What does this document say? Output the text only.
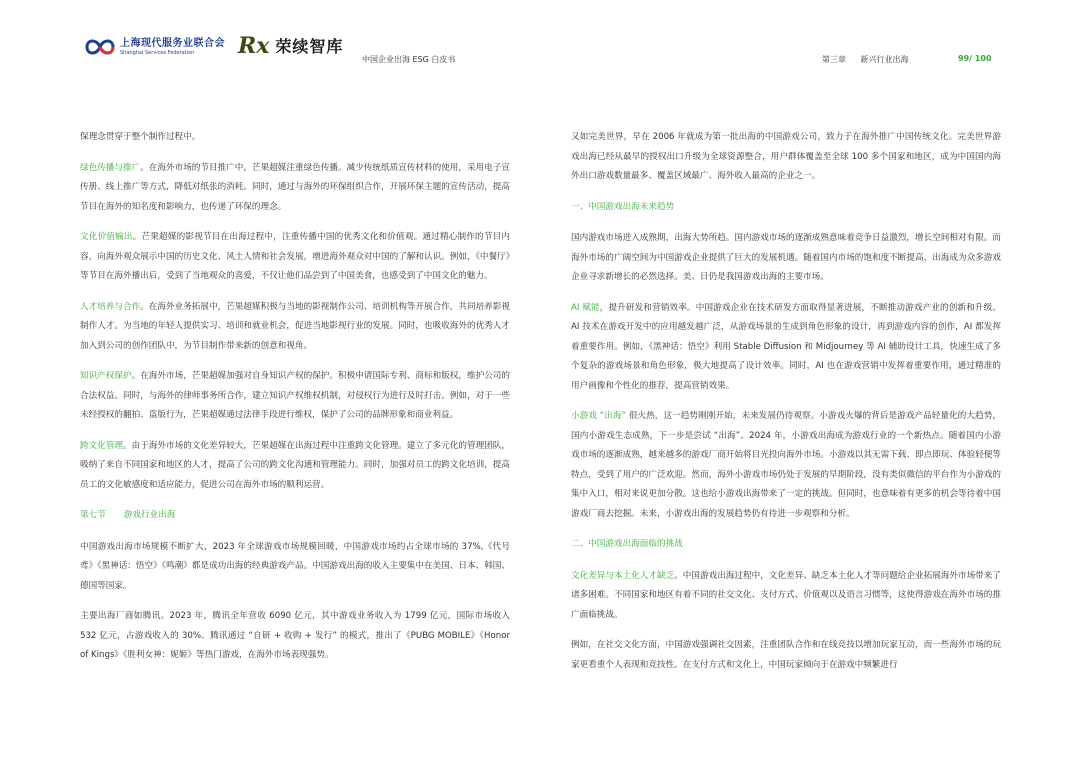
上海现代服务业联合会
Shanghai Services Federation	Rx 荣续智库
中国企业出海 ESG 白皮书	第三章 新兴行业出海	99/ 100

保理念贯穿于整个制作过程中。

绿色传播与推广。在海外市场的节目推广中，芒果超媒注重绿色传播。减少传统纸质宣传材料的使用，采用电子宣传册、线上推广等方式，降低对纸张的消耗。同时，通过与海外的环保组织合作，开展环保主题的宣传活动，提高节目在海外的知名度和影响力，也传递了环保的理念。

文化价值输出。芒果超媒的影视节目在出海过程中，注重传播中国的优秀文化和价值观。通过精心制作的节目内容，向海外观众展示中国的历史文化、风土人情和社会发展，增进海外观众对中国的了解和认识。例如，《中餐厅》等节目在海外播出后，受到了当地观众的喜爱，不仅让他们品尝到了中国美食，也感受到了中国文化的魅力。

人才培养与合作。在海外业务拓展中，芒果超媒积极与当地的影视制作公司、培训机构等开展合作，共同培养影视制作人才。为当地的年轻人提供实习、培训和就业机会，促进当地影视行业的发展。同时，也吸收海外的优秀人才加入到公司的创作团队中，为节目制作带来新的创意和视角。

知识产权保护。在海外市场，芒果超媒加强对自身知识产权的保护。积极申请国际专利、商标和版权，维护公司的合法权益。同时，与海外的律师事务所合作，建立知识产权维权机制，对侵权行为进行及时打击。例如，对于一些未经授权的翻拍、盗版行为，芒果超媒通过法律手段进行维权，保护了公司的品牌形象和商业利益。

跨文化管理。由于海外市场的文化差异较大，芒果超媒在出海过程中注重跨文化管理。建立了多元化的管理团队，吸纳了来自不同国家和地区的人才，提高了公司的跨文化沟通和管理能力。同时，加强对员工的跨文化培训，提高员工的文化敏感度和适应能力，促进公司在海外市场的顺利运营。

第七节 游戏行业出海

中国游戏出海市场规模不断扩大，2023 年全球游戏市场规模回暖，中国游戏市场约占全球市场的 37%,《代号鸢》《黑神话：悟空》《鸣潮》都是成功出海的经典游戏产品。中国游戏出海的收入主要集中在美国、日本、韩国、德国等国家。

主要出海厂商如腾讯。2023 年，腾讯全年营收 6090 亿元，其中游戏业务收入为 1799 亿元，国际市场收入 532 亿元，占游戏收入的 30%。腾讯通过 “自研 + 收购 + 发行” 的模式，推出了《PUBG MOBILE》《Honor of Kings》《胜利女神：妮姬》等热门游戏，在海外市场表现强势。

又如完美世界，早在 2006 年就成为第一批出海的中国游戏公司，致力于在海外推广中国传统文化。完美世界游戏出海已经从最早的授权出口升级为全球资源整合，用户群体覆盖至全球 100 多个国家和地区，成为中国国内海外出口游戏数量最多、覆盖区域最广、海外收入最高的企业之一。

一、中国游戏出海未来趋势

国内游戏市场进入成熟期，出海大势所趋。国内游戏市场的逐渐成熟意味着竞争日益激烈，增长空间相对有限。而海外市场的广阔空间为中国游戏企业提供了巨大的发展机遇。随着国内市场的饱和度不断提高，出海成为众多游戏企业寻求新增长的必然选择。美、日仍是我国游戏出海的主要市场。

AI 赋能，提升研发和营销效率。中国游戏企业在技术研发方面取得显著进展，不断推动游戏产业的创新和升级。AI 技术在游戏开发中的应用越发越广泛，从游戏场景的生成到角色形象的设计，再到游戏内容的创作，AI 都发挥着重要作用。例如，《黑神话：悟空》利用 Stable Diffusion 和 Midjourney 等 AI 辅助设计工具，快速生成了多个复杂的游戏场景和角色形象，极大地提高了设计效率。同时，AI 也在游戏营销中发挥着重要作用，通过精准的用户画像和个性化的推荐，提高营销效果。

小游戏 “出海” 很火热，这一趋势刚刚开始，未来发展仍待观察。小游戏火爆的背后是游戏产品轻量化的大趋势，国内小游戏生态成熟，下一步是尝试 “出海”。2024 年，小游戏出海成为游戏行业的一个新热点。随着国内小游戏市场的逐渐成熟，越来越多的游戏厂商开始将目光投向海外市场。小游戏以其无需下载、即点即玩、体验轻便等特点，受到了用户的广泛欢迎。然而，海外小游戏市场仍处于发展的早期阶段，没有类似微信的平台作为小游戏的集中入口，相对来说更加分散。这也给小游戏出海带来了一定的挑战。但同时，也意味着有更多的机会等待着中国游戏厂商去挖掘。未来，小游戏出海的发展趋势仍有待进一步观察和分析。

二、中国游戏出海面临的挑战

文化差异与本土化人才缺乏。中国游戏出海过程中，文化差异、缺乏本土化人才等问题给企业拓展海外市场带来了诸多困难。不同国家和地区有着不同的社交文化、支付方式、价值观以及语言习惯等，这使得游戏在海外市场的推广面临挑战。

例如，在社交文化方面，中国游戏强调社交因素，注重团队合作和在线竞技以增加玩家互动，而一些海外市场的玩家更看重个人表现和竞技性。在支付方式和文化上，中国玩家倾向于在游戏中频繁进行
